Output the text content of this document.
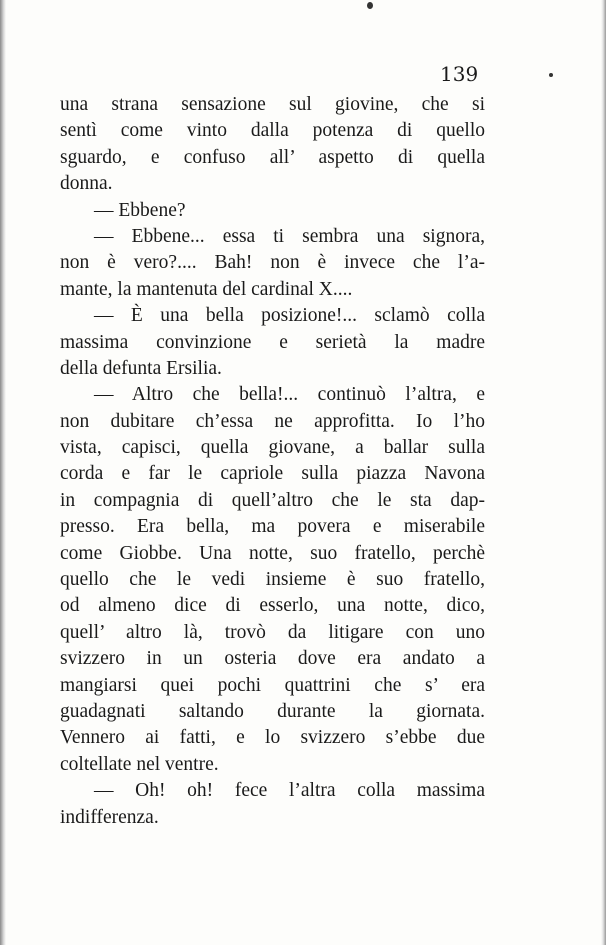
139
una strana sensazione sul giovine, che si
sentì come vinto dalla potenza di quello
sguardo, e confuso all’ aspetto di quella
donna.
— Ebbene?
— Ebbene... essa ti sembra una signora,
non è vero?.... Bah! non è invece che l’a-
mante, la mantenuta del cardinal X....
— È una bella posizione!... sclamò colla
massima convinzione e serietà la madre
della defunta Ersilia.
— Altro che bella!... continuò l’altra, e
non dubitare ch’essa ne approfitta. Io l’ho
vista, capisci, quella giovane, a ballar sulla
corda e far le capriole sulla piazza Navona
in compagnia di quell’altro che le sta dap-
presso. Era bella, ma povera e miserabile
come Giobbe. Una notte, suo fratello, perchè
quello che le vedi insieme è suo fratello,
od almeno dice di esserlo, una notte, dico,
quell’ altro là, trovò da litigare con uno
svizzero in un osteria dove era andato a
mangiarsi quei pochi quattrini che s’ era
guadagnati saltando durante la giornata.
Vennero ai fatti, e lo svizzero s’ebbe due
coltellate nel ventre.
— Oh! oh! fece l’altra colla massima
indifferenza.
